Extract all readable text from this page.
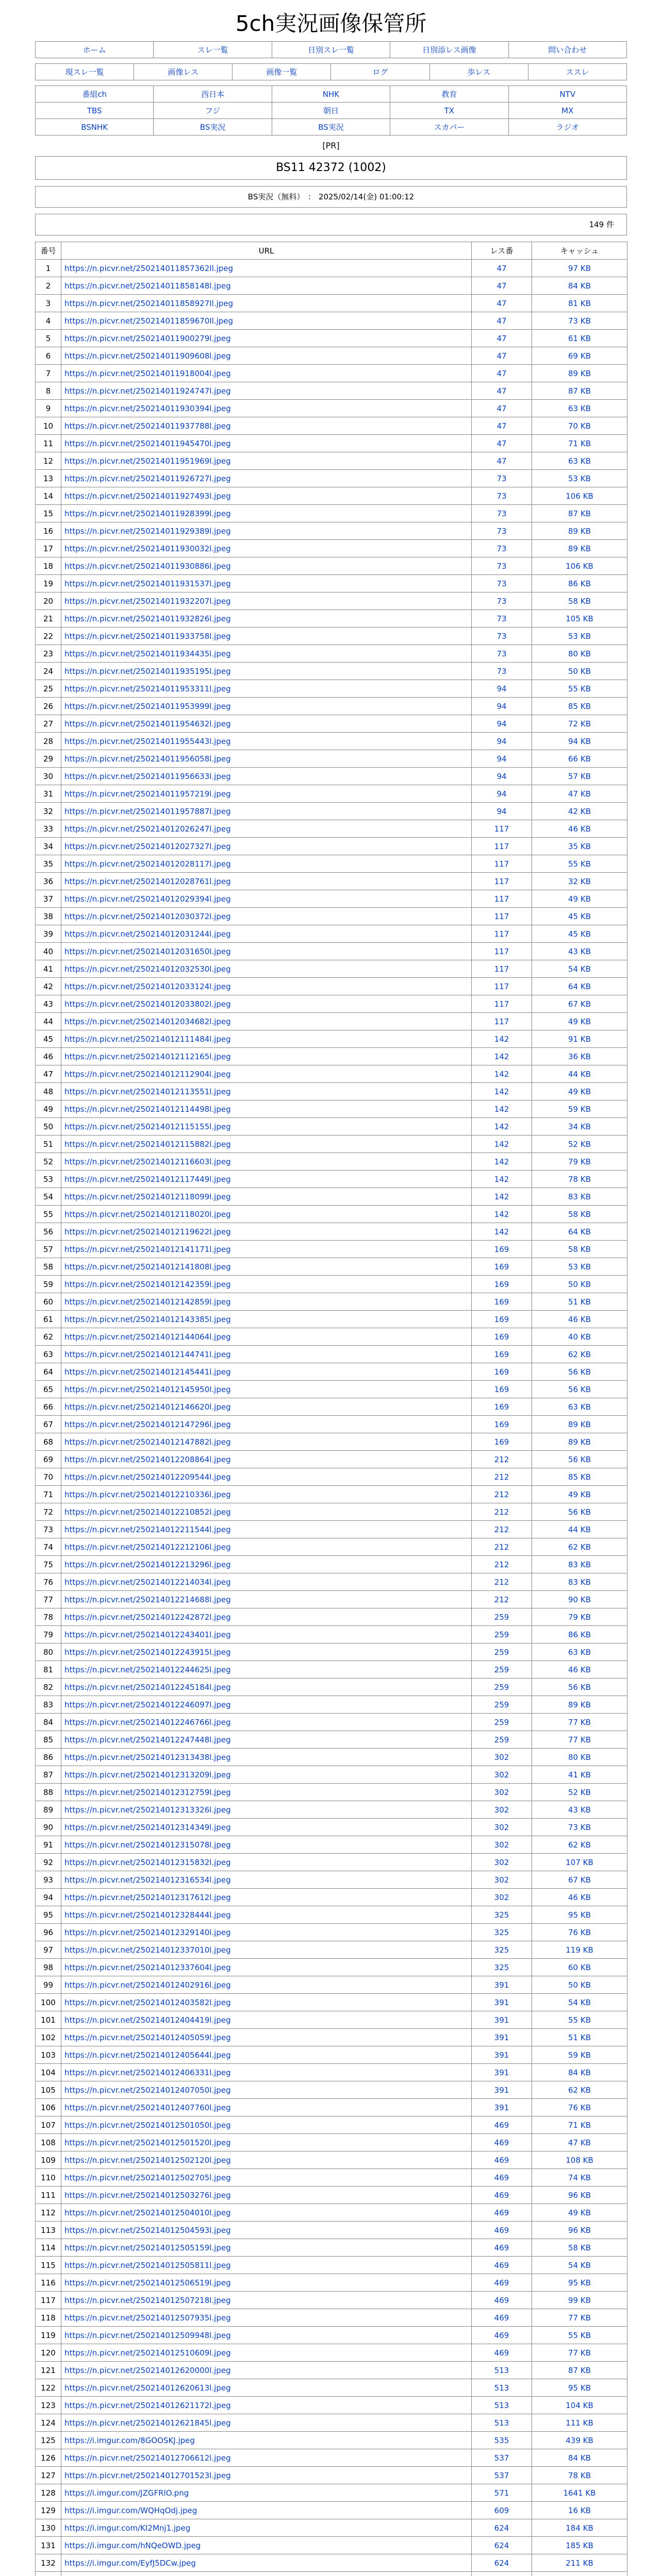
5ch実況画像保管所
ホーム	スレ一覧	日別スレ一覧	日別添レス画像	問い合わせ
現スレ一覧	画像レス	画像一覧	ログ	歩レス	ススレ
番組ch	西日本	NHK	教育	NTV
TBS	フジ	朝日	TX	MX
BSNHK	BS実況	BS実況	スカパー	ラジオ
[PR]
BS11 42372 (1002)
BS実況（無料）　:　2025/02/14(金) 01:00:12
149 件
番号	URL	レス番	キャッシュ
1	https://n.picvr.net/250214011857362Il.jpeg	47	97 KB
2	https://n.picvr.net/250214011858148l.jpeg	47	84 KB
3	https://n.picvr.net/250214011858927Il.jpeg	47	81 KB
4	https://n.picvr.net/250214011859670Il.jpeg	47	73 KB
5	https://n.picvr.net/250214011900279l.jpeg	47	61 KB
6	https://n.picvr.net/250214011909608l.jpeg	47	69 KB
7	https://n.picvr.net/250214011918004l.jpeg	47	89 KB
8	https://n.picvr.net/250214011924747l.jpeg	47	87 KB
9	https://n.picvr.net/250214011930394l.jpeg	47	63 KB
10	https://n.picvr.net/250214011937788l.jpeg	47	70 KB
11	https://n.picvr.net/250214011945470l.jpeg	47	71 KB
12	https://n.picvr.net/250214011951969l.jpeg	47	63 KB
13	https://n.picvr.net/250214011926727l.jpeg	73	53 KB
14	https://n.picvr.net/250214011927493l.jpeg	73	106 KB
15	https://n.picvr.net/250214011928399l.jpeg	73	87 KB
16	https://n.picvr.net/250214011929389l.jpeg	73	89 KB
17	https://n.picvr.net/250214011930032l.jpeg	73	89 KB
18	https://n.picvr.net/250214011930886l.jpeg	73	106 KB
19	https://n.picvr.net/250214011931537l.jpeg	73	86 KB
20	https://n.picvr.net/250214011932207l.jpeg	73	58 KB
21	https://n.picvr.net/250214011932826l.jpeg	73	105 KB
22	https://n.picvr.net/250214011933758l.jpeg	73	53 KB
23	https://n.picvr.net/250214011934435l.jpeg	73	80 KB
24	https://n.picvr.net/250214011935195l.jpeg	73	50 KB
25	https://n.picvr.net/250214011953311l.jpeg	94	55 KB
26	https://n.picvr.net/250214011953999l.jpeg	94	85 KB
27	https://n.picvr.net/250214011954632l.jpeg	94	72 KB
28	https://n.picvr.net/250214011955443l.jpeg	94	94 KB
29	https://n.picvr.net/250214011956058l.jpeg	94	66 KB
30	https://n.picvr.net/250214011956633l.jpeg	94	57 KB
31	https://n.picvr.net/250214011957219l.jpeg	94	47 KB
32	https://n.picvr.net/250214011957887l.jpeg	94	42 KB
33	https://n.picvr.net/250214012026247l.jpeg	117	46 KB
34	https://n.picvr.net/250214012027327l.jpeg	117	35 KB
35	https://n.picvr.net/250214012028117l.jpeg	117	55 KB
36	https://n.picvr.net/250214012028761l.jpeg	117	32 KB
37	https://n.picvr.net/250214012029394l.jpeg	117	49 KB
38	https://n.picvr.net/250214012030372l.jpeg	117	45 KB
39	https://n.picvr.net/250214012031244l.jpeg	117	45 KB
40	https://n.picvr.net/250214012031650l.jpeg	117	43 KB
41	https://n.picvr.net/250214012032530l.jpeg	117	54 KB
42	https://n.picvr.net/250214012033124l.jpeg	117	64 KB
43	https://n.picvr.net/250214012033802l.jpeg	117	67 KB
44	https://n.picvr.net/250214012034682l.jpeg	117	49 KB
45	https://n.picvr.net/250214012111484l.jpeg	142	91 KB
46	https://n.picvr.net/250214012112165l.jpeg	142	36 KB
47	https://n.picvr.net/250214012112904l.jpeg	142	44 KB
48	https://n.picvr.net/250214012113551l.jpeg	142	49 KB
49	https://n.picvr.net/250214012114498l.jpeg	142	59 KB
50	https://n.picvr.net/250214012115155l.jpeg	142	34 KB
51	https://n.picvr.net/250214012115882l.jpeg	142	52 KB
52	https://n.picvr.net/250214012116603l.jpeg	142	79 KB
53	https://n.picvr.net/250214012117449l.jpeg	142	78 KB
54	https://n.picvr.net/250214012118099l.jpeg	142	83 KB
55	https://n.picvr.net/250214012118020l.jpeg	142	58 KB
56	https://n.picvr.net/250214012119622l.jpeg	142	64 KB
57	https://n.picvr.net/250214012141171l.jpeg	169	58 KB
58	https://n.picvr.net/250214012141808l.jpeg	169	53 KB
59	https://n.picvr.net/250214012142359l.jpeg	169	50 KB
60	https://n.picvr.net/250214012142859l.jpeg	169	51 KB
61	https://n.picvr.net/250214012143385l.jpeg	169	46 KB
62	https://n.picvr.net/250214012144064l.jpeg	169	40 KB
63	https://n.picvr.net/250214012144741l.jpeg	169	62 KB
64	https://n.picvr.net/250214012145441l.jpeg	169	56 KB
65	https://n.picvr.net/250214012145950l.jpeg	169	56 KB
66	https://n.picvr.net/250214012146620l.jpeg	169	63 KB
67	https://n.picvr.net/250214012147296l.jpeg	169	89 KB
68	https://n.picvr.net/250214012147882l.jpeg	169	89 KB
69	https://n.picvr.net/250214012208864l.jpeg	212	56 KB
70	https://n.picvr.net/250214012209544l.jpeg	212	85 KB
71	https://n.picvr.net/250214012210336l.jpeg	212	49 KB
72	https://n.picvr.net/250214012210852l.jpeg	212	56 KB
73	https://n.picvr.net/250214012211544l.jpeg	212	44 KB
74	https://n.picvr.net/250214012212106l.jpeg	212	62 KB
75	https://n.picvr.net/250214012213296l.jpeg	212	83 KB
76	https://n.picvr.net/250214012214034l.jpeg	212	83 KB
77	https://n.picvr.net/250214012214688l.jpeg	212	90 KB
78	https://n.picvr.net/250214012242872l.jpeg	259	79 KB
79	https://n.picvr.net/250214012243401l.jpeg	259	86 KB
80	https://n.picvr.net/250214012243915l.jpeg	259	63 KB
81	https://n.picvr.net/250214012244625l.jpeg	259	46 KB
82	https://n.picvr.net/250214012245184l.jpeg	259	56 KB
83	https://n.picvr.net/250214012246097l.jpeg	259	89 KB
84	https://n.picvr.net/250214012246766l.jpeg	259	77 KB
85	https://n.picvr.net/250214012247448l.jpeg	259	77 KB
86	https://n.picvr.net/250214012313438l.jpeg	302	80 KB
87	https://n.picvr.net/250214012313209l.jpeg	302	41 KB
88	https://n.picvr.net/250214012312759l.jpeg	302	52 KB
89	https://n.picvr.net/250214012313326l.jpeg	302	43 KB
90	https://n.picvr.net/250214012314349l.jpeg	302	73 KB
91	https://n.picvr.net/250214012315078l.jpeg	302	62 KB
92	https://n.picvr.net/250214012315832l.jpeg	302	107 KB
93	https://n.picvr.net/250214012316534l.jpeg	302	67 KB
94	https://n.picvr.net/250214012317612l.jpeg	302	46 KB
95	https://n.picvr.net/250214012328444l.jpeg	325	95 KB
96	https://n.picvr.net/250214012329140l.jpeg	325	76 KB
97	https://n.picvr.net/250214012337010l.jpeg	325	119 KB
98	https://n.picvr.net/250214012337604l.jpeg	325	60 KB
99	https://n.picvr.net/250214012402916l.jpeg	391	50 KB
100	https://n.picvr.net/250214012403582l.jpeg	391	54 KB
101	https://n.picvr.net/250214012404419l.jpeg	391	55 KB
102	https://n.picvr.net/250214012405059l.jpeg	391	51 KB
103	https://n.picvr.net/250214012405644l.jpeg	391	59 KB
104	https://n.picvr.net/250214012406331l.jpeg	391	84 KB
105	https://n.picvr.net/250214012407050l.jpeg	391	62 KB
106	https://n.picvr.net/250214012407760l.jpeg	391	76 KB
107	https://n.picvr.net/250214012501050l.jpeg	469	71 KB
108	https://n.picvr.net/250214012501520l.jpeg	469	47 KB
109	https://n.picvr.net/250214012502120l.jpeg	469	108 KB
110	https://n.picvr.net/250214012502705l.jpeg	469	74 KB
111	https://n.picvr.net/250214012503276l.jpeg	469	96 KB
112	https://n.picvr.net/250214012504010l.jpeg	469	49 KB
113	https://n.picvr.net/250214012504593l.jpeg	469	96 KB
114	https://n.picvr.net/250214012505159l.jpeg	469	58 KB
115	https://n.picvr.net/250214012505811l.jpeg	469	54 KB
116	https://n.picvr.net/250214012506519l.jpeg	469	95 KB
117	https://n.picvr.net/250214012507218l.jpeg	469	99 KB
118	https://n.picvr.net/250214012507935l.jpeg	469	77 KB
119	https://n.picvr.net/250214012509948l.jpeg	469	55 KB
120	https://n.picvr.net/250214012510609l.jpeg	469	77 KB
121	https://n.picvr.net/250214012620000l.jpeg	513	87 KB
122	https://n.picvr.net/250214012620613l.jpeg	513	95 KB
123	https://n.picvr.net/250214012621172l.jpeg	513	104 KB
124	https://n.picvr.net/250214012621845l.jpeg	513	111 KB
125	https://i.imgur.com/8GOOSKJ.jpeg	535	439 KB
126	https://n.picvr.net/250214012706612l.jpeg	537	84 KB
127	https://n.picvr.net/250214012701523l.jpeg	537	78 KB
128	https://i.imgur.com/JZGFRlO.png	571	1641 KB
129	https://i.imgur.com/WQHqOdj.jpeg	609	16 KB
130	https://i.imgur.com/KI2Mnj1.jpeg	624	184 KB
131	https://i.imgur.com/hNQeOWD.jpeg	624	185 KB
132	https://i.imgur.com/EyfJ5DCw.jpeg	624	211 KB
